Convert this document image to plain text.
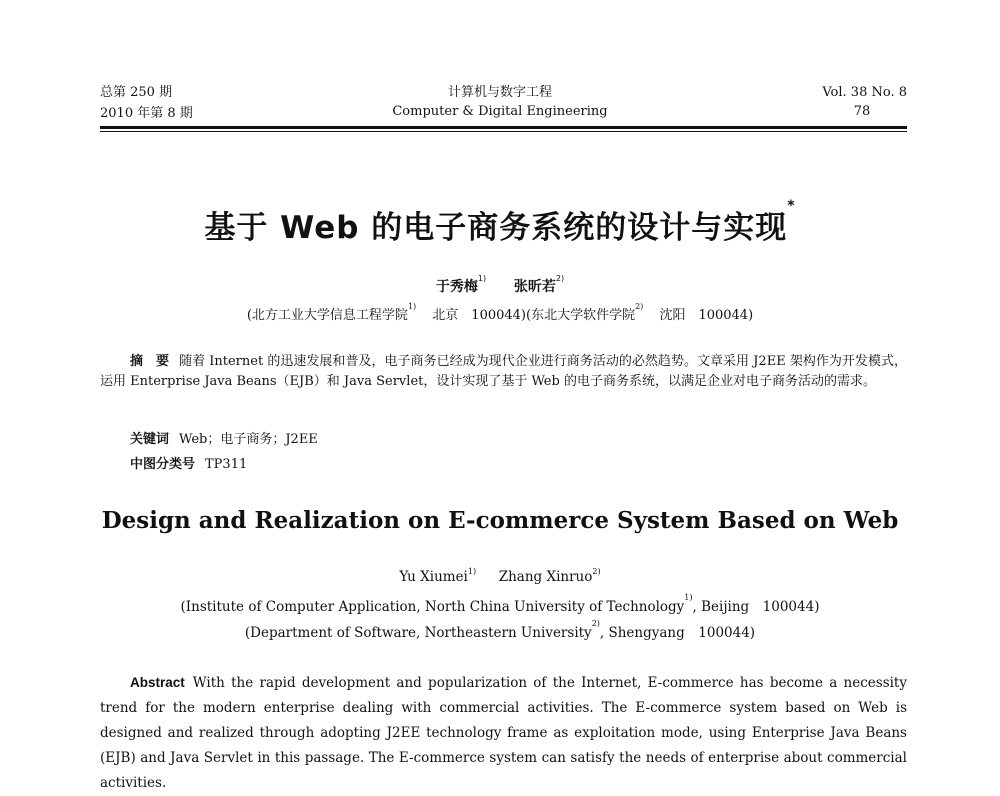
总第 250 期
2010 年第 8 期
计算机与数字工程
Computer & Digital Engineering
Vol. 38 No. 8
78
基于 Web 的电子商务系统的设计与实现*
于秀梅$^{1)}$  张昕若$^{2)}$
(北方工业大学信息工程学院$^{1)}$ 北京　100044)(东北大学软件学院$^{2)}$ 沈阳　100044)
摘　要 随着 Internet 的迅速发展和普及，电子商务已经成为现代企业进行商务活动的必然趋势。文章采用 J2EE 架构作为开发模式，运用 Enterprise Java Beans（EJB）和 Java Servlet，设计实现了基于 Web 的电子商务系统，以满足企业对电子商务活动的需求。
关键词 Web；电子商务；J2EE
中图分类号 TP311
Design and Realization on E-commerce System Based on Web
Yu Xiumei$^{1)}$ Zhang Xinruo$^{2)}$
(Institute of Computer Application, North China University of Technology$^{1)}$, Beijing　100044)
(Department of Software, Northeastern University$^{2)}$, Shengyang　100044)
Abstract With the rapid development and popularization of the Internet, E-commerce has become a necessity trend for the modern enterprise dealing with commercial activities. The E-commerce system based on Web is designed and realized through adopting J2EE technology frame as exploitation mode, using Enterprise Java Beans (EJB) and Java Servlet in this passage. The E-commerce system can satisfy the needs of enterprise about commercial activities.
